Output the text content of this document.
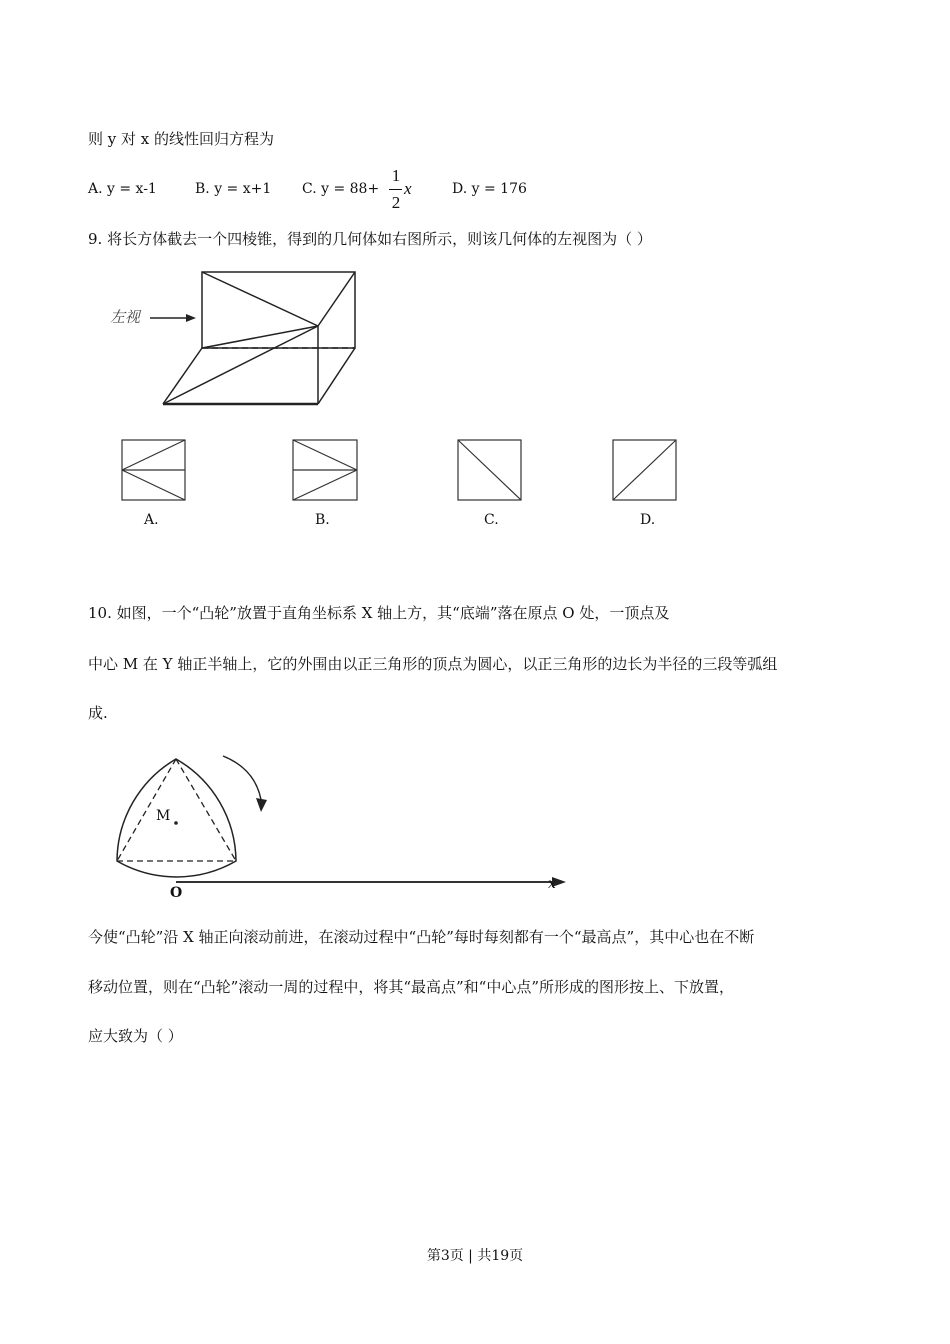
则 y 对 x 的线性回归方程为
A. y = x-1	B. y = x+1 C. y = 88+
1
2
x	D. y = 176
9. 将长方体截去一个四棱锥，得到的几何体如右图所示，则该几何体的左视图为（ ）
左视
A.	B.	C.	D.
10. 如图，一个“凸轮”放置于直角坐标系 X 轴上方，其“底端”落在原点 O 处，一顶点及
中心 M 在 Y 轴正半轴上，它的外围由以正三角形的顶点为圆心，以正三角形的边长为半径的三段等弧组
成.
M
O
x
今使“凸轮”沿 X 轴正向滚动前进，在滚动过程中“凸轮”每时每刻都有一个“最高点”，其中心也在不断
移动位置，则在“凸轮”滚动一周的过程中，将其“最高点”和“中心点”所形成的图形按上、下放置，
应大致为（ ）
第3页 | 共19页
